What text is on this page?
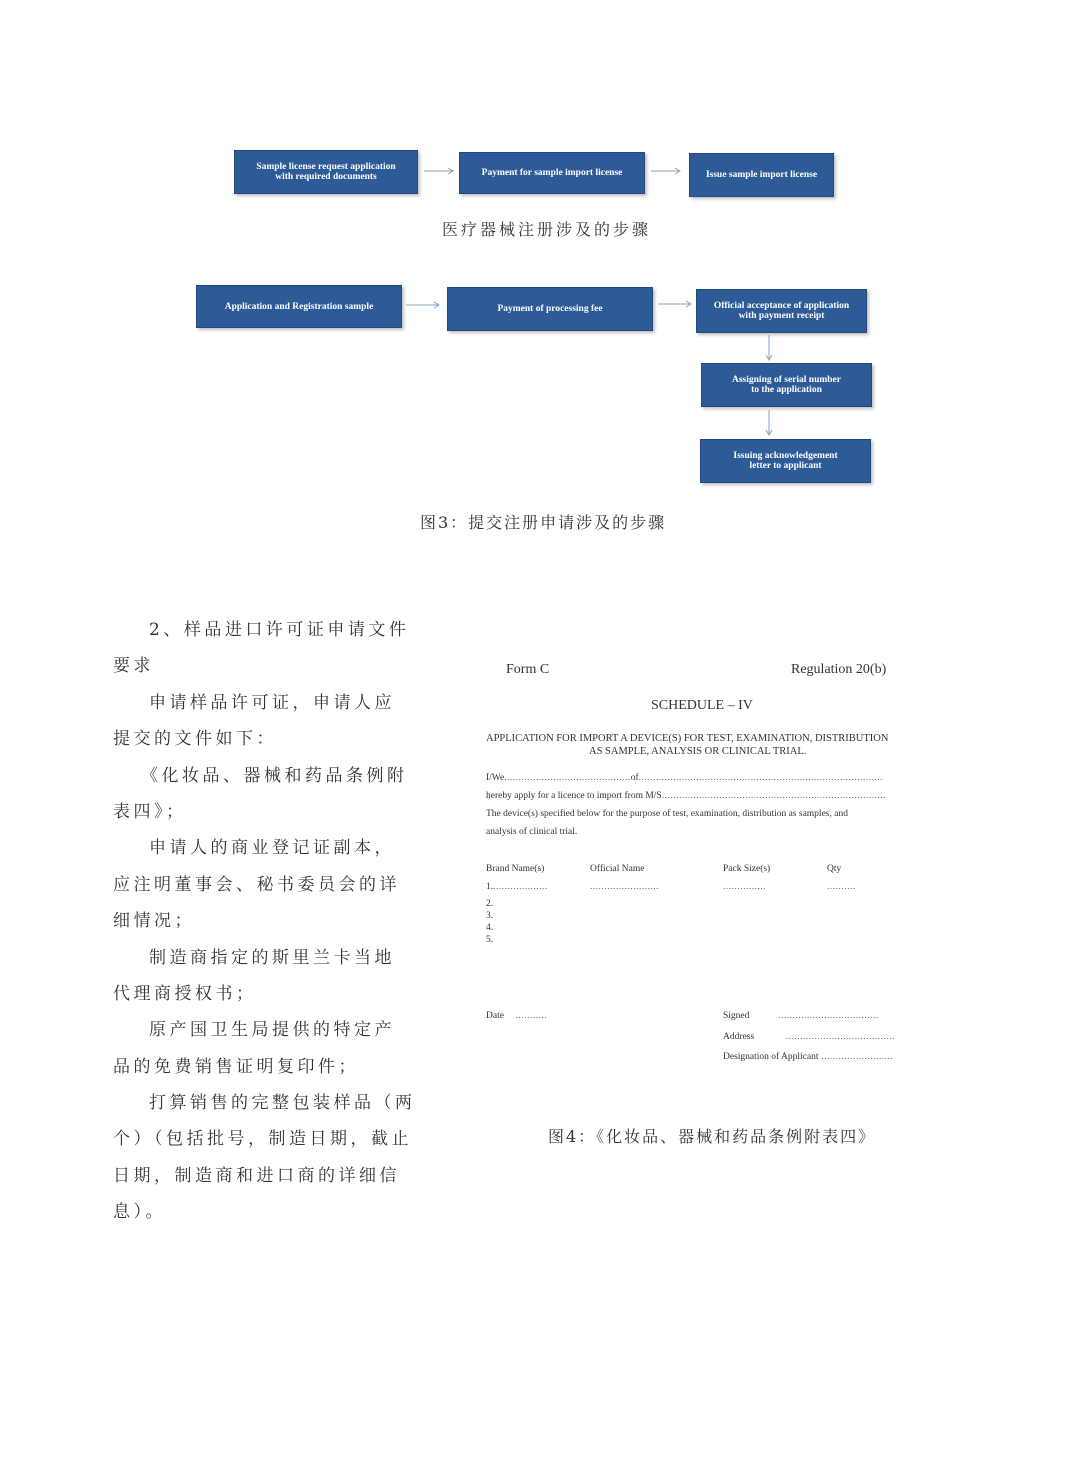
Sample license request application
with required documents	Payment for sample import license	Issue sample import license
医疗器械注册涉及的步骤
Application and Registration sample	Payment of processing fee	Official acceptance of application
with payment receipt
Assigning of serial number
to the application
Issuing acknowledgement
letter to applicant
图3：提交注册申请涉及的步骤
2、样品进口许可证申请文件
要求
申请样品许可证，申请人应
提交的文件如下：
《化妆品、器械和药品条例附
表四》；
申请人的商业登记证副本，
应注明董事会、秘书委员会的详
细情况；
制造商指定的斯里兰卡当地
代理商授权书；
原产国卫生局提供的特定产
品的免费销售证明复印件；
打算销售的完整包装样品（两
个）（包括批号，制造日期，截止
日期，制造商和进口商的详细信
息）。
Form C	Regulation 20(b)
SCHEDULE – IV
APPLICATION FOR IMPORT A DEVICE(S) FOR TEST, EXAMINATION, DISTRIBUTION
AS SAMPLE, ANALYSIS OR CLINICAL TRIAL.
I/We............................................of.....................................................................................
hereby apply for a licence to import from M/S..............................................................................
The device(s) specified below for the purpose of test, examination, distribution as samples, and
analysis of clinical trial.
Brand Name(s)	Official Name	Pack Size(s)	Qty
1....................	........................	...............	..........
2.
3.
4.
5.
Date    ...........	Signed          ...................................
Address           ......................................
Designation of Applicant .........................
图4：《化妆品、器械和药品条例附表四》
